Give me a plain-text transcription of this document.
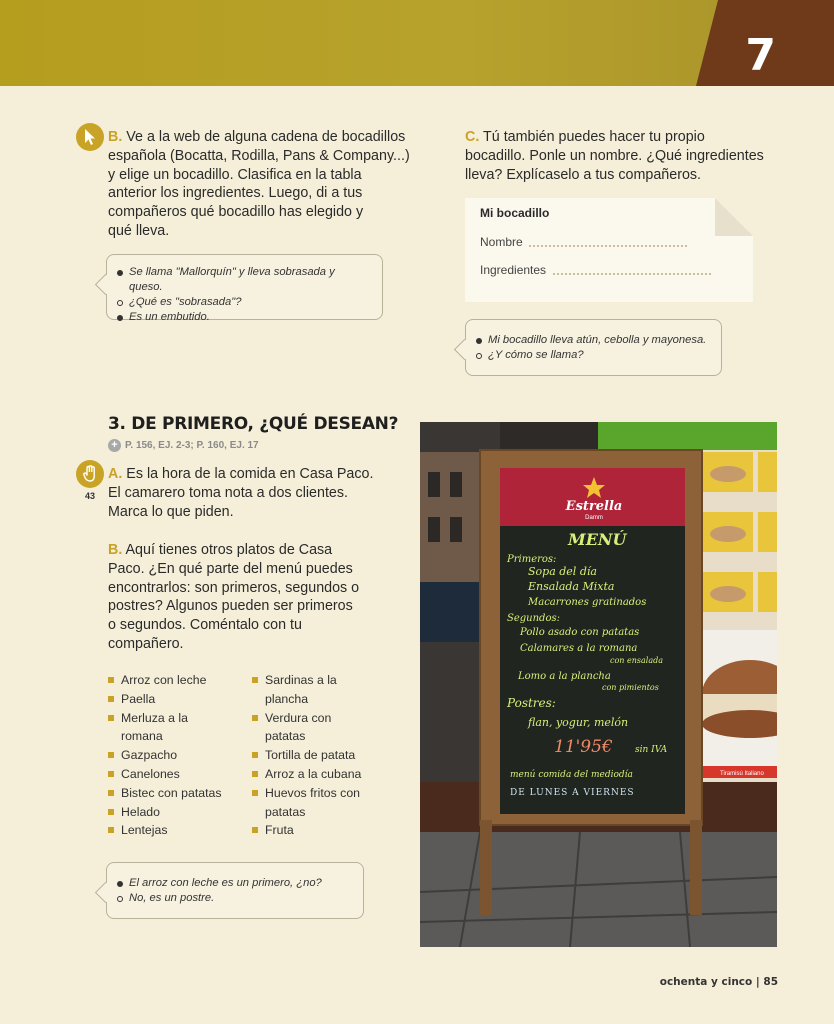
7
B. Ve a la web de alguna cadena de bocadillos
española (Bocatta, Rodilla, Pans & Company...)
y elige un bocadillo. Clasifica en la tabla
anterior los ingredientes. Luego, di a tus
compañeros qué bocadillo has elegido y
qué lleva.
Se llama "Mallorquín" y lleva sobrasada y queso.
¿Qué es "sobrasada"?
Es un embutido.
C. Tú también puedes hacer tu propio
bocadillo. Ponle un nombre. ¿Qué ingredientes
lleva? Explícaselo a tus compañeros.
Mi bocadillo
Nombre
Ingredientes
Mi bocadillo lleva atún, cebolla y mayonesa.
¿Y cómo se llama?
3. DE PRIMERO, ¿QUÉ DESEAN?
+ P. 156, EJ. 2-3; P. 160, EJ. 17
43
A. Es la hora de la comida en Casa Paco.
El camarero toma nota a dos clientes.
Marca lo que piden.
B. Aquí tienes otros platos de Casa
Paco. ¿En qué parte del menú puedes
encontrarlos: son primeros, segundos o
postres? Algunos pueden ser primeros
o segundos. Coméntalo con tu
compañero.
Arroz con leche
Paella
Merluza a la
romana
Gazpacho
Canelones
Bistec con patatas
Helado
Lentejas
Sardinas a la
plancha
Verdura con
patatas
Tortilla de patata
Arroz a la cubana
Huevos fritos con
patatas
Fruta
El arroz con leche es un primero, ¿no?
No, es un postre.
Tiramisú Italiano
Estrella
Damm
MENÚ
Primeros:
Sopa del día
Ensalada Mixta
Macarrones gratinados
Segundos:
Pollo asado con patatas
Calamares a la romana
con ensalada
Lomo a la plancha
con pimientos
Postres:
flan, yogur, melón
11'95€ sin IVA
menú comida del mediodía
DE LUNES A VIERNES
ochenta y cinco | 85
